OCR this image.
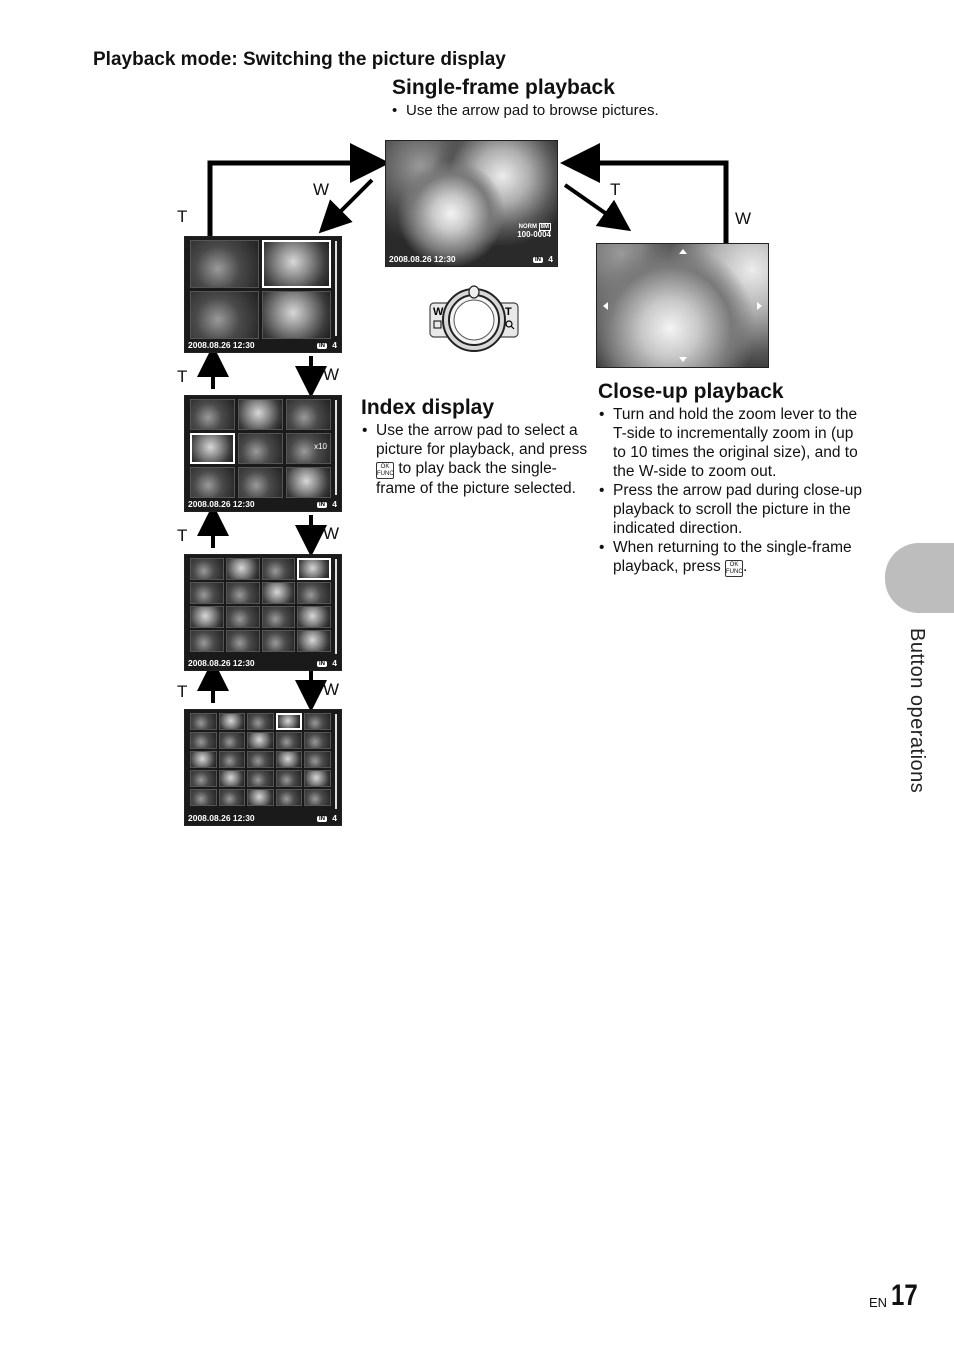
Playback mode: Switching the picture display
Single-frame playback
• Use the arrow pad to browse pictures.
W
T
T
W
T	W
T	W
T	W
NORM 8M
100-0004
2008.08.26 12:30	IN 4
W	T
2008.08.26 12:30	IN 4
x10
2008.08.26 12:30	IN 4
2008.08.26 12:30	IN 4
2008.08.26 12:30	IN 4
Index display
• Use the arrow pad to select a picture for playback, and press OK
FUNC to play back the single-frame of the picture selected.
Close-up playback
• Turn and hold the zoom lever to the T-side to incrementally zoom in (up to 10 times the original size), and to the W-side to zoom out.
• Press the arrow pad during close-up playback to scroll the picture in the indicated direction.
• When returning to the single-frame playback, press OK
FUNC.
Button operations
EN 17
